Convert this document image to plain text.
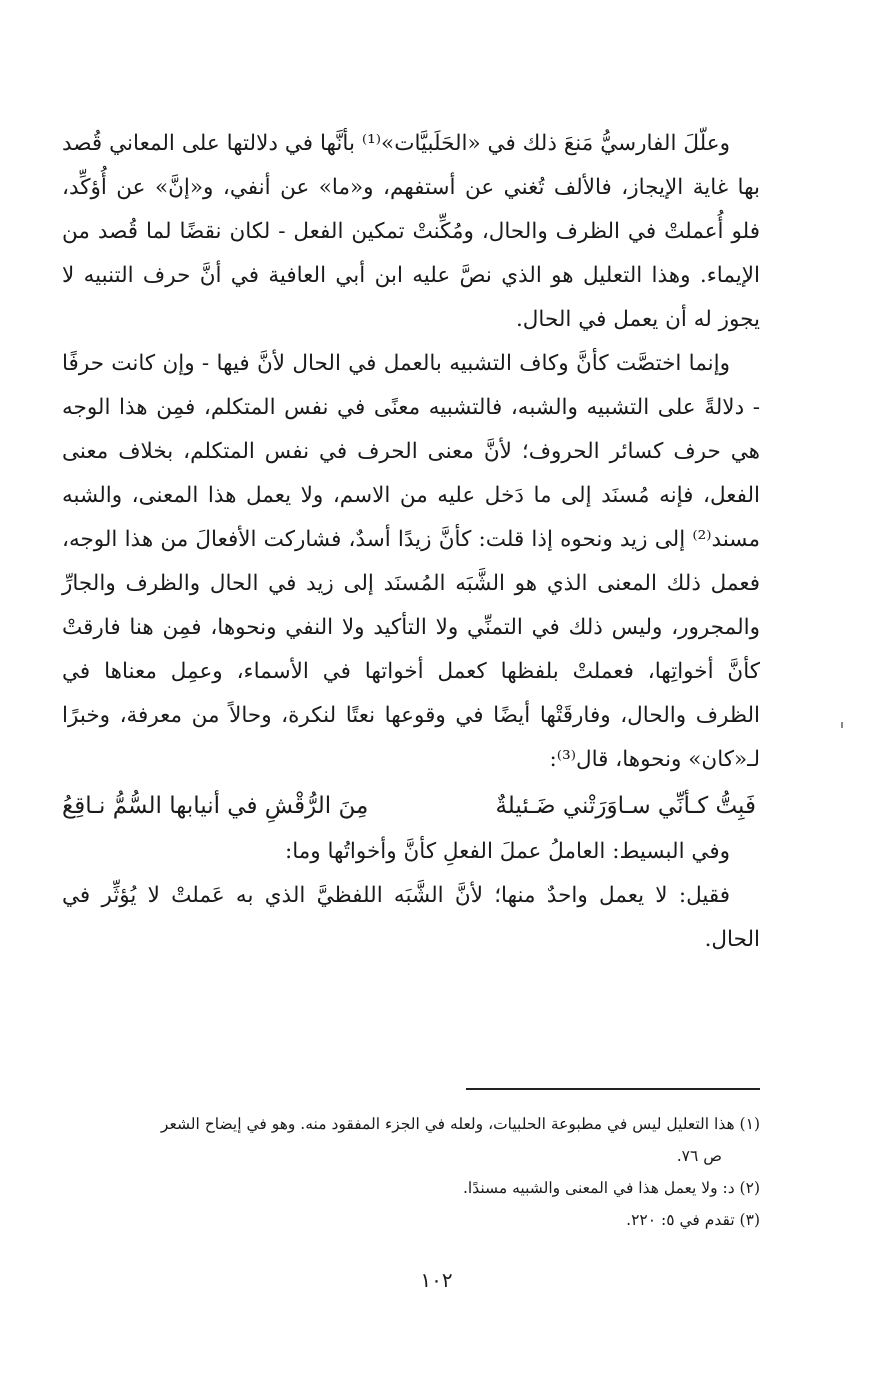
وعلّلَ الفارسيُّ مَنعَ ذلك في «الحَلَبيَّات»⁽¹⁾ بأنَّها في دلالتها على المعاني قُصد بها غاية الإيجاز، فالألف تُغني عن أستفهم، و«ما» عن أنفي، و«إنَّ» عن أُؤكِّد، فلو أُعملتْ في الظرف والحال، ومُكِّنتْ تمكين الفعل - لكان نقضًا لما قُصد من الإيماء. وهذا التعليل هو الذي نصَّ عليه ابن أبي العافية في أنَّ حرف التنبيه لا يجوز له أن يعمل في الحال.

وإنما اختصَّت كأنَّ وكاف التشبيه بالعمل في الحال لأنَّ فيها - وإن كانت حرفًا - دلالةً على التشبيه والشبه، فالتشبيه معنًى في نفس المتكلم، فمِن هذا الوجه هي حرف كسائر الحروف؛ لأنَّ معنى الحرف في نفس المتكلم، بخلاف معنى الفعل، فإنه مُسنَد إلى ما دَخل عليه من الاسم، ولا يعمل هذا المعنى، والشبه مسند⁽²⁾ إلى زيد ونحوه إذا قلت: كأنَّ زيدًا أسدٌ، فشاركت الأفعالَ من هذا الوجه، فعمل ذلك المعنى الذي هو الشَّبَه المُسنَد إلى زيد في الحال والظرف والجارِّ والمجرور، وليس ذلك في التمنِّي ولا التأكيد ولا النفي ونحوها، فمِن هنا فارقتْ كأنَّ أخواتِها، فعملتْ بلفظها كعمل أخواتها في الأسماء، وعمِل معناها في الظرف والحال، وفارقَتْها أيضًا في وقوعها نعتًا لنكرة، وحالاً من معرفة، وخبرًا لـ«كان» ونحوها، قال⁽³⁾:

فَبِتُّ كـأنِّي سـاوَرَتْني ضَـئيلةٌ
مِنَ الرُّقْشِ في أنيابها السُّمُّ نـاقِعُ

وفي البسيط: العاملُ عملَ الفعلِ كأنَّ وأخواتُها وما:

فقيل: لا يعمل واحدٌ منها؛ لأنَّ الشَّبَه اللفظيَّ الذي به عَملتْ لا يُؤثِّر في الحال.

(١) هذا التعليل ليس في مطبوعة الحلبيات، ولعله في الجزء المفقود منه. وهو في إيضاح الشعر

ص ٧٦.

(٢) د: ولا يعمل هذا في المعنى والشبيه مسندًا.

(٣) تقدم في ٥: ٢٢٠.

١٠٢
